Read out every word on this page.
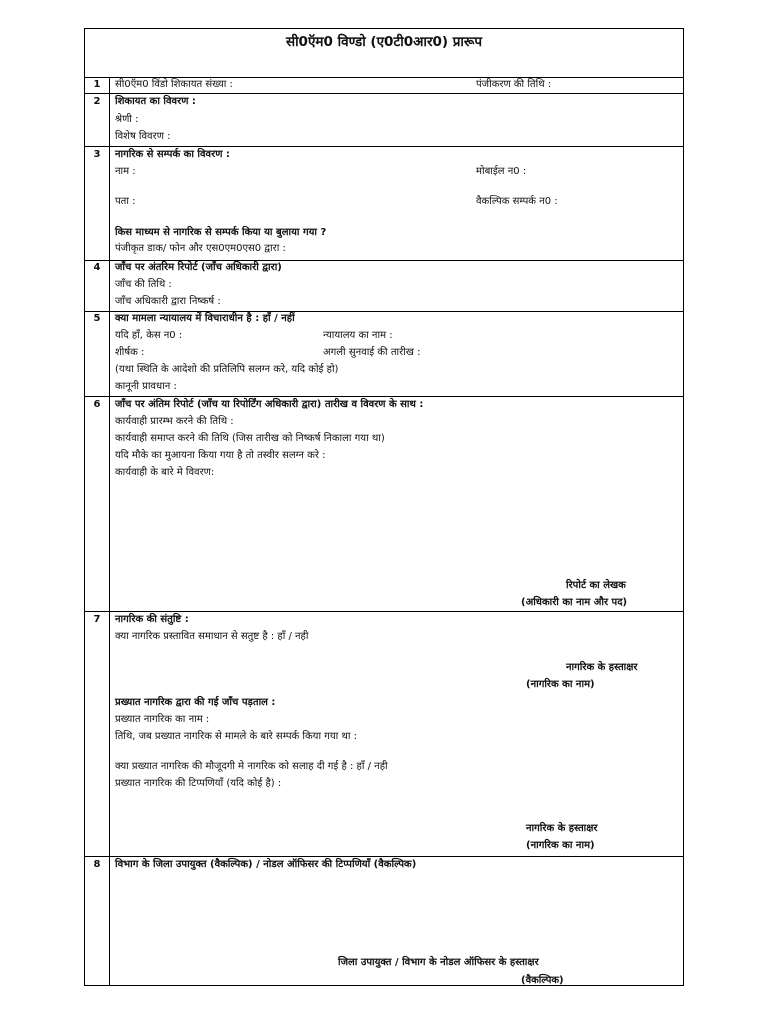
सी0ऍम0 विण्डो (ए0टी0आर0) प्रारूप
1	सी0ऍम0 विंडो शिकायत संख्या :	पंजीकरण की तिथि :
2	शिकायत का विवरण :
श्रेणी :
विशेष विवरण :
3	नागरिक से सम्पर्क का विवरण :
नाम :	मोबाईल न0 :
पता :	वैकल्पिक सम्पर्क न0 :
किस माध्यम से नागरिक से सम्पर्क किया या बुलाया गया ?
पंजीकृत डाक/ फोन और एस0एम0एस0 द्वारा :
4	जाँच पर अंतरिम रिपोर्ट (जाँच अधिकारी द्वारा)
जाँच की तिथि :
जाँच अधिकारी द्वारा निष्कर्ष :
5	क्या मामला न्यायालय में विचाराधीन है : हाँ / नहीं
यदि हाँ, केस न0 :	न्यायालय का नाम :
शीर्षक :	अगली सुनवाई की तारीख :
(यथा स्थिति के आदेशो की प्रतिलिपि सलग्न करे, यदि कोई हो)
कानूनी प्रावधान :
6	जाँच पर अंतिम रिपोर्ट (जाँच या रिपोर्टिंग अधिकारी द्वारा) तारीख व विवरण के साथ :
कार्यवाही प्रारम्भ करने की तिथि :
कार्यवाही समाप्त करने की तिथि (जिस तारीख को निष्कर्ष निकाला गया था)
यदि मौके का मुआयना किया गया है तो तस्वीर सलग्न करे :
कार्यवाही के बारे मे विवरण:
रिपोर्ट का लेखक
(अधिकारी का नाम और पद)
7	नागरिक की संतुष्टि :
क्या नागरिक प्रस्तावित समाधान से सतुष्ट है : हाँ / नही
नागरिक के हस्ताक्षर
(नागरिक का नाम)
प्रख्यात नागरिक द्वारा की गई जाँच पड़ताल :
प्रख्यात नागरिक का नाम :
तिथि, जब प्रख्यात नागरिक से मामले के बारे सम्पर्क किया गया था :
क्या प्रख्यात नागरिक की मौजूदगी मे नागरिक को सलाह दी गई है : हाँ / नही
प्रख्यात नागरिक की टिप्पणियाँ (यदि कोई है) :
नागरिक के हस्ताक्षर
(नागरिक का नाम)
8	विभाग के जिला उपायुक्त (वैकल्पिक) / नोडल ऑफिसर की टिप्पणियाँ (वैकल्पिक)
जिला उपायुक्त / विभाग के नोडल ऑफिसर के हस्ताक्षर
(वैकल्पिक)
